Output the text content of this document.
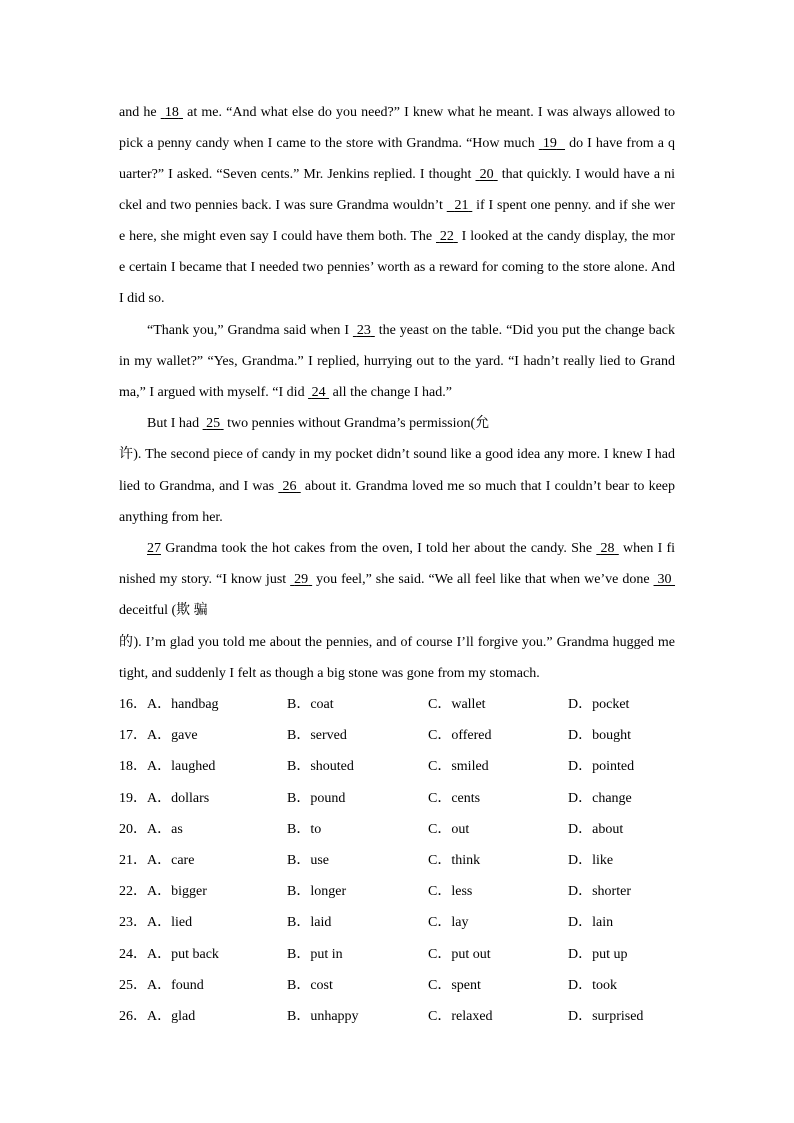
and he  18  at me. “And what else do you need?” I knew what he meant. I was always allowed to
pick a penny candy when I came to the store with Grandma. “How much  19   do I have from a q
uarter?” I asked. “Seven cents.” Mr. Jenkins replied. I thought  20  that quickly. I would have a ni
ckel and two pennies back. I was sure Grandma wouldn’t   21  if I spent one penny. and if she wer
e here, she might even say I could have them both. The  22  I looked at the candy display, the mor
e certain I became that I needed two pennies’ worth as a reward for coming to the store alone. And
I did so.
“Thank you,” Grandma said when I  23  the yeast on the table. “Did you put the change back
in my wallet?” “Yes, Grandma.” I replied, hurrying out to the yard. “I hadn’t really lied to Grand
ma,” I argued with myself. “I did  24  all the change I had.”
But I had  25  two pennies without Grandma’s permission(允
许). The second piece of candy in my pocket didn’t sound like a good idea any more. I knew I had
lied to Grandma, and I was  26  about it. Grandma loved me so much that I couldn’t bear to keep
anything from her.
27 Grandma took the hot cakes from the oven, I told her about the candy. She  28  when I fi
nished my story. “I know just  29  you feel,” she said. “We all feel like that when we’ve done  30
deceitful (欺 骗
的). I’m glad you told me about the pennies, and of course I’ll forgive you.” Grandma hugged me
tight, and suddenly I felt as though a big stone was gone from my stomach.
16． A．handbag	B．coat	C．wallet	D．pocket
17． A．gave	B．served	C．offered	D．bought
18． A．laughed	B．shouted	C．smiled	D．pointed
19． A．dollars	B．pound	C．cents	D．change
20． A．as	B．to	C．out	D．about
21． A．care	B．use	C．think	D．like
22． A．bigger	B．longer	C．less	D．shorter
23． A．lied	B．laid	C．lay	D．lain
24． A．put back	B．put in	C．put out	D．put up
25． A．found	B．cost	C．spent	D．took
26． A．glad	B．unhappy	C．relaxed	D．surprised
